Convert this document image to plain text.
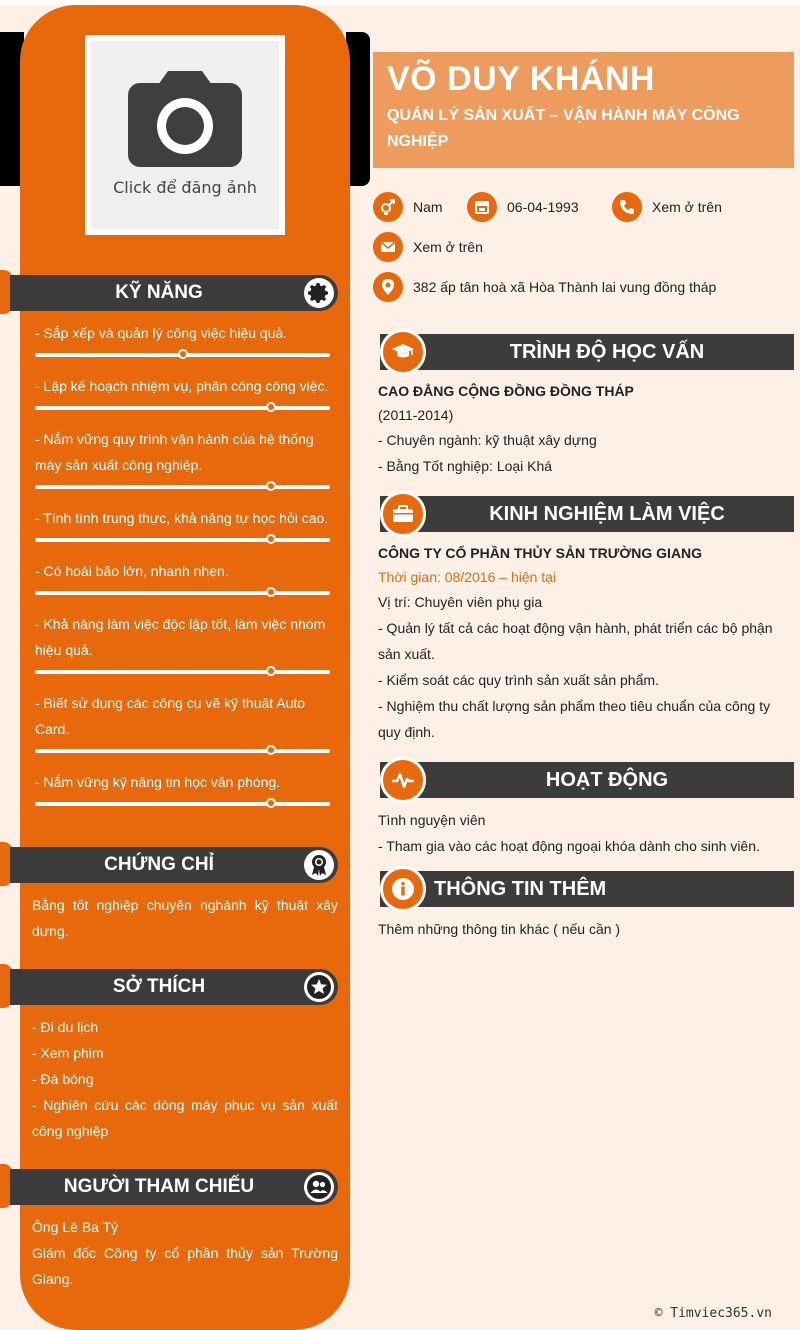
Click để đăng ảnh
KỸ NĂNG
- Sắp xếp và quản lý công việc hiệu quả.
- Lập kế hoạch nhiệm vụ, phân công công việc.
- Nắm vững quy trình vận hành của hệ thống máy sản xuất công nghiệp.
- Tính tình trung thực, khả năng tự học hỏi cao.
- Có hoài bão lớn, nhanh nhẹn.
- Khả năng làm việc độc lập tốt, làm việc nhóm hiệu quả.
- Biết sử dụng các công cụ vẽ kỹ thuật Auto Card.
- Nắm vững kỹ năng tin học văn phòng.
CHỨNG CHỈ
Bằng tốt nghiệp chuyên nghành kỹ thuật xây dựng.
SỞ THÍCH
- Đi du lịch
- Xem phim
- Đá bóng
- Nghiên cứu các dòng máy phục vụ sản xuất công nghiệp
NGƯỜI THAM CHIẾU
Ông Lê Ba Tỷ
Giám đốc Công ty cổ phần thủy sản Trường Giang.
VÕ DUY KHÁNH
QUẢN LÝ SẢN XUẤT – VẬN HÀNH MÁY CÔNG NGHIỆP
Nam	06-04-1993	Xem ở trên
Xem ở trên
382 ấp tân hoà xã Hòa Thành lai vung đồng tháp
TRÌNH ĐỘ HỌC VẤN
CAO ĐẲNG CỘNG ĐỒNG ĐỒNG THÁP
(2011-2014)
- Chuyên ngành: kỹ thuật xây dựng
- Bằng Tốt nghiệp: Loại Khá
KINH NGHIỆM LÀM VIỆC
CÔNG TY CỔ PHẦN THỦY SẢN TRƯỜNG GIANG
Thời gian: 08/2016 – hiện tại
Vị trí: Chuyên viên phụ gia
- Quản lý tất cả các hoạt động vận hành, phát triển các bộ phận sản xuất.
- Kiểm soát các quy trình sản xuất sản phẩm.
- Nghiệm thu chất lượng sản phẩm theo tiêu chuẩn của công ty quy định.
HOẠT ĐỘNG
Tình nguyện viên
- Tham gia vào các hoạt động ngoại khóa dành cho sinh viên.
THÔNG TIN THÊM
Thêm những thông tin khác ( nếu cần )
© Timviec365.vn
